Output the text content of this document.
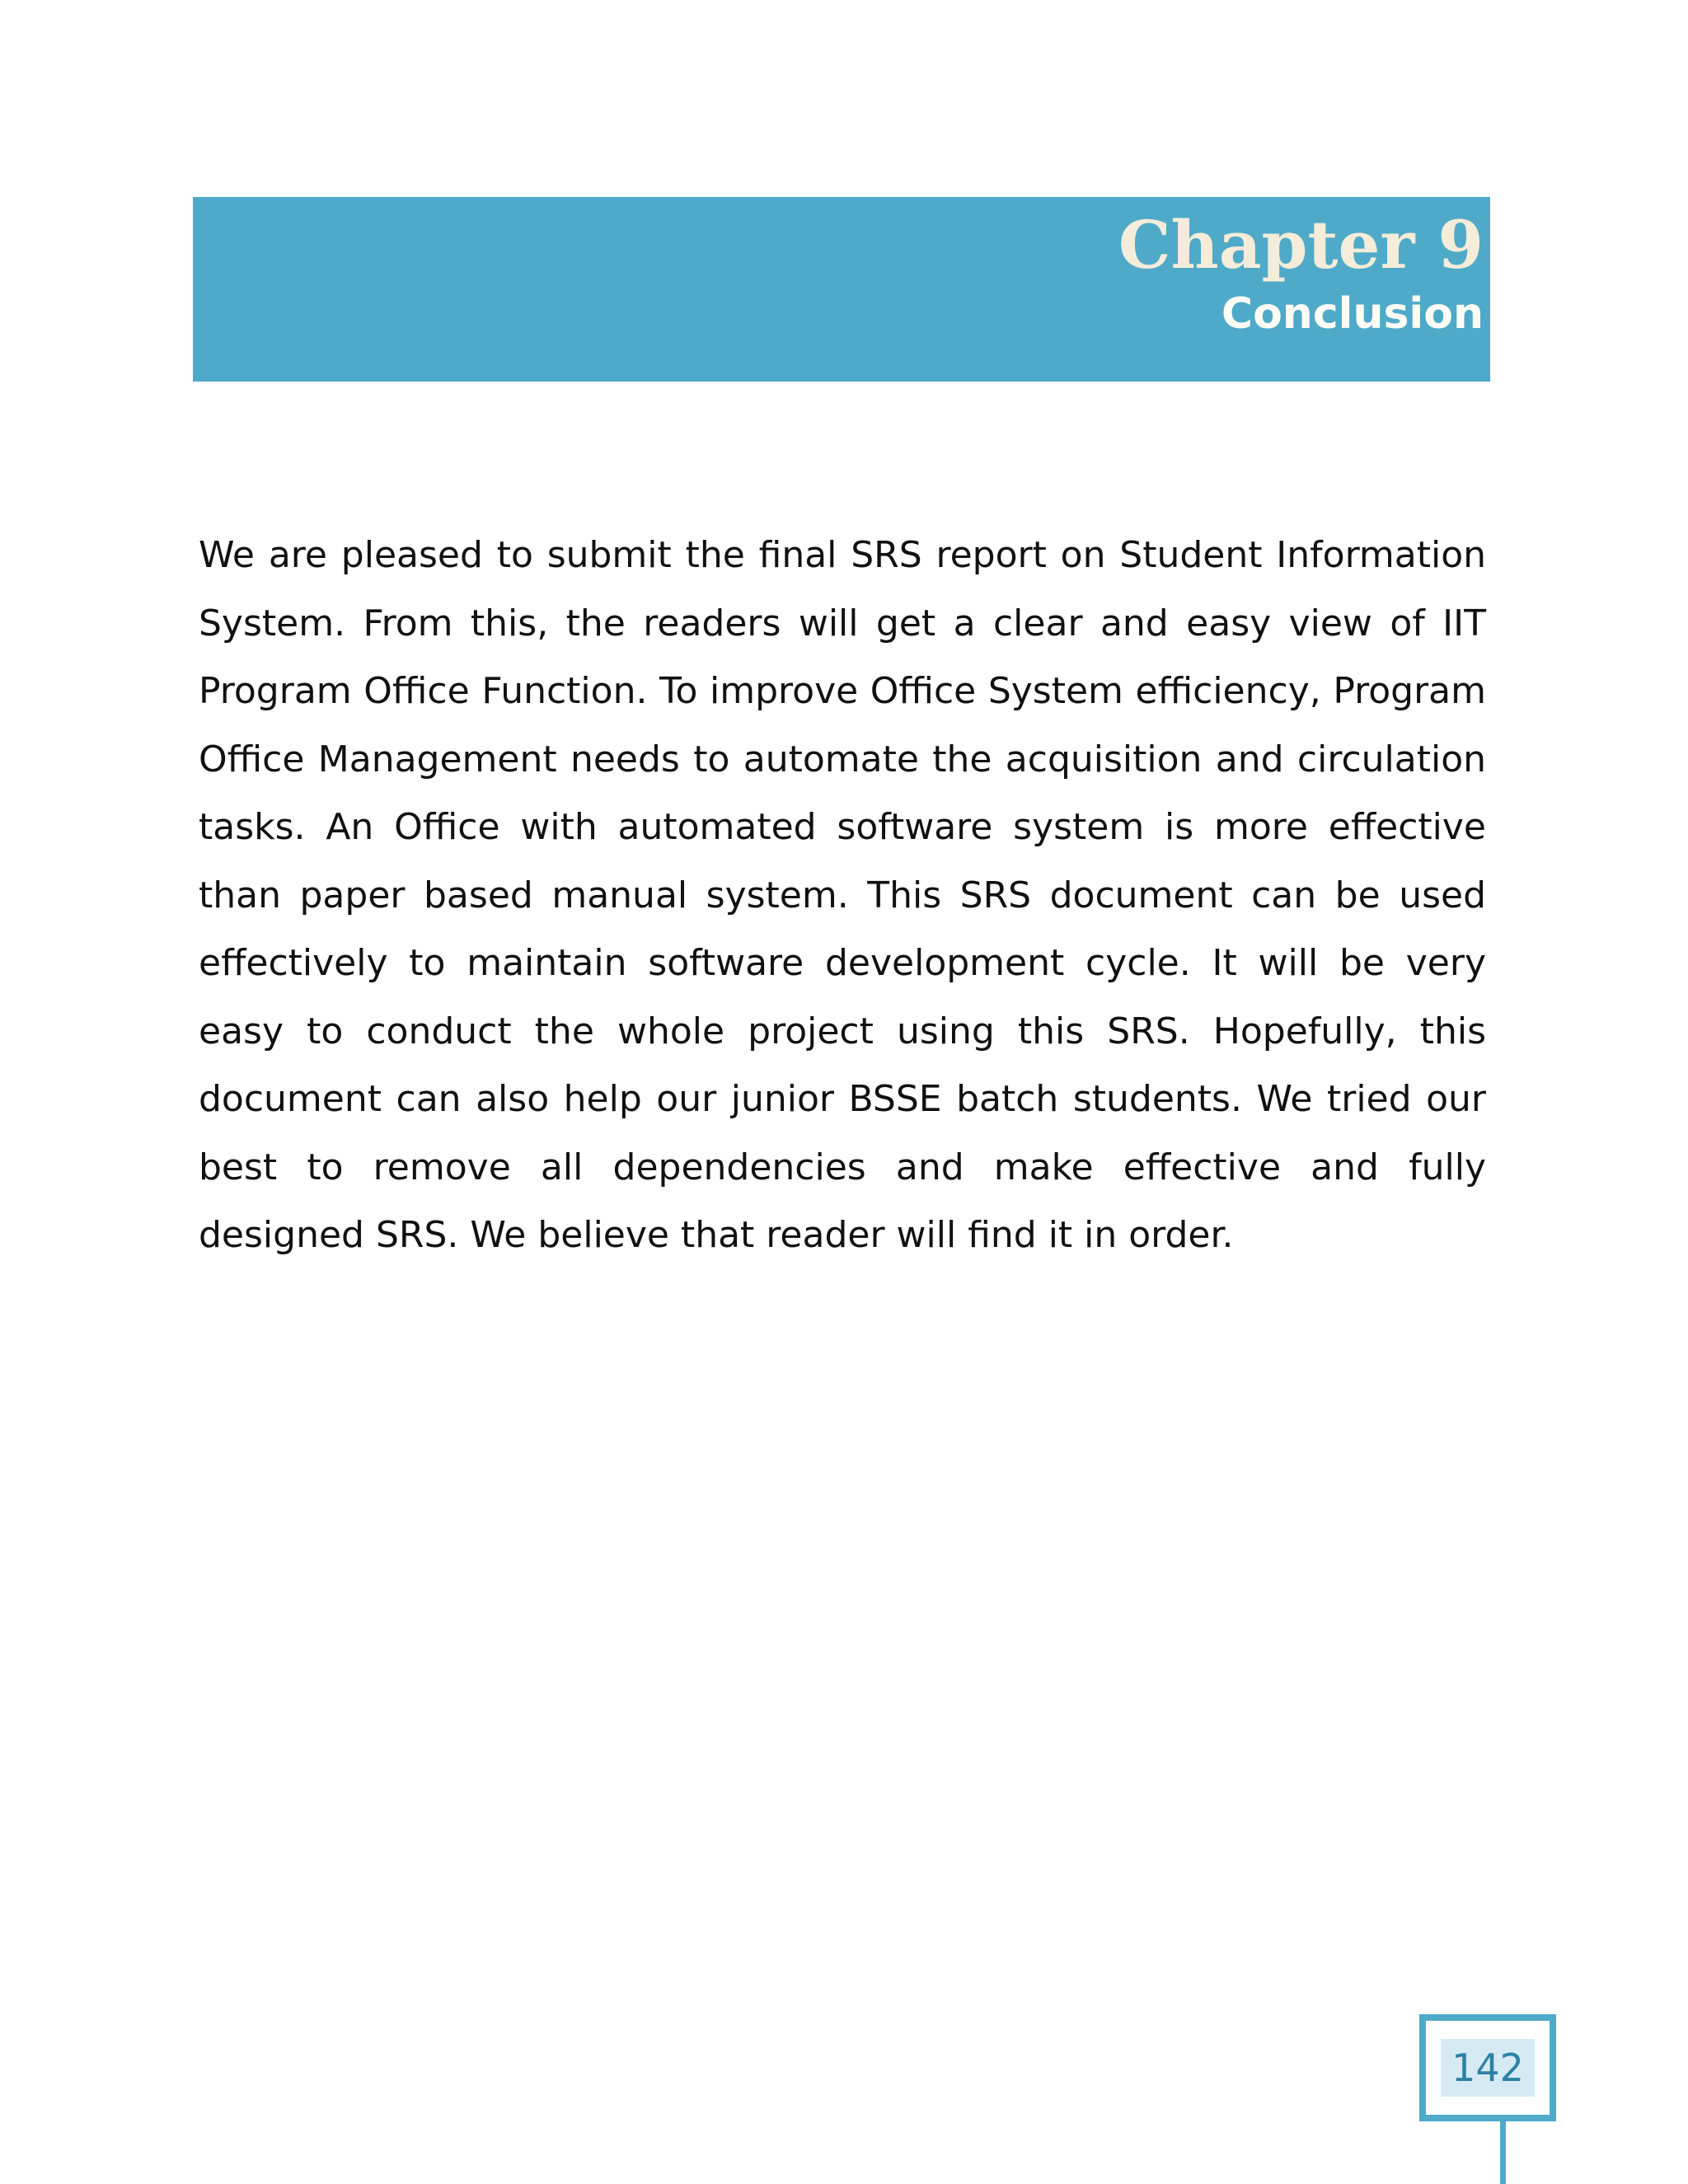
Chapter 9
Conclusion

We are pleased to submit the final SRS report on Student Information System. From this, the readers will get a clear and easy view of IIT Program Office Function. To improve Office System efficiency, Program Office Management needs to automate the acquisition and circulation tasks. An Office with automated software system is more effective than paper based manual system. This SRS document can be used effectively to maintain software development cycle. It will be very easy to conduct the whole project using this SRS. Hopefully, this document can also help our junior BSSE batch students. We tried our best to remove all dependencies and make effective and fully designed SRS. We believe that reader will find it in order.

142
